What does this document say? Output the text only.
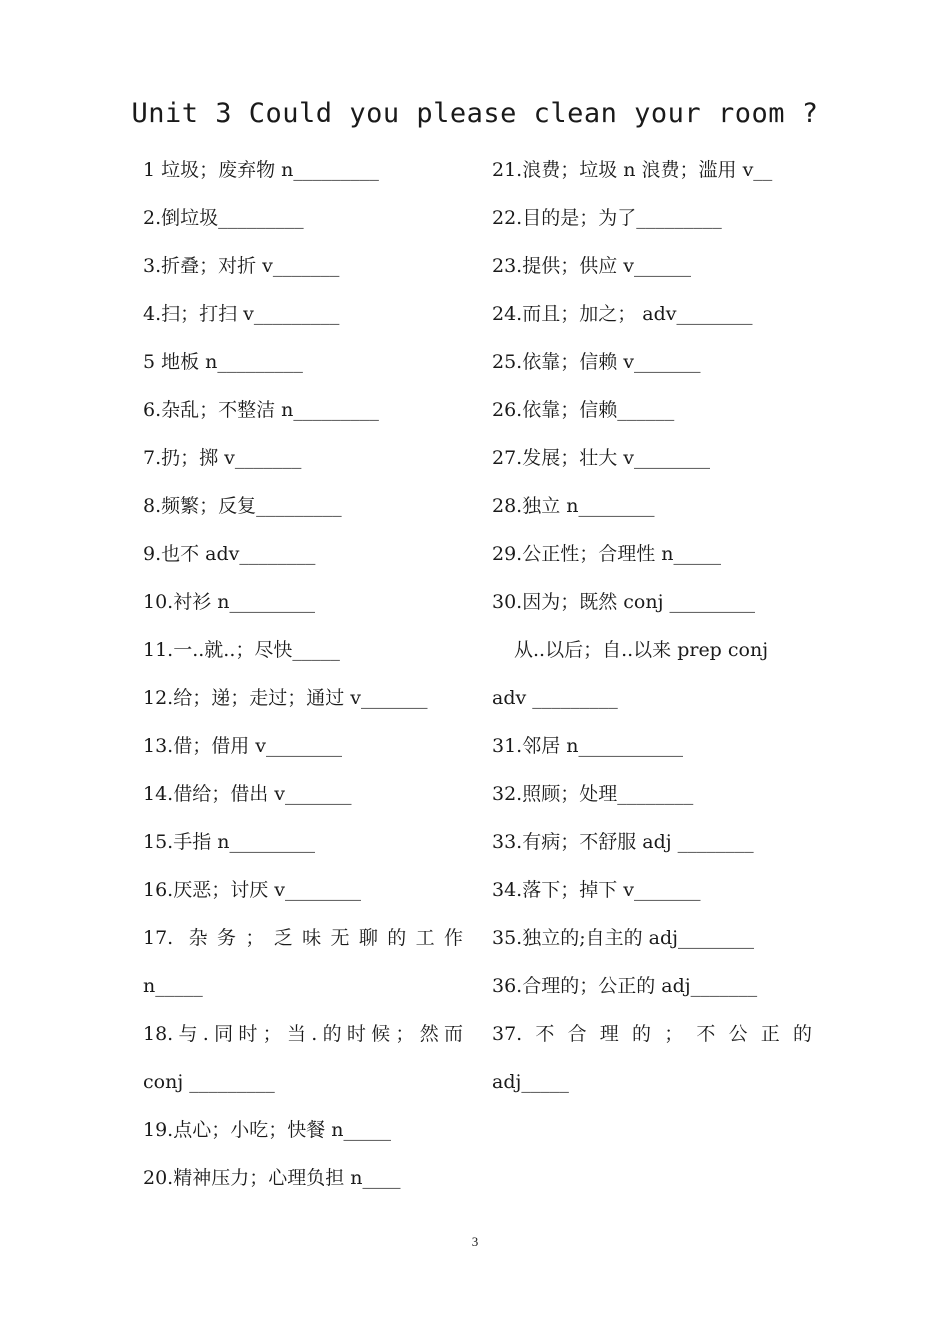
Unit 3 Could you please clean your room ?
1 垃圾；废弃物 n_________
2.倒垃圾_________
3.折叠；对折 v_______
4.扫；打扫 v_________
5 地板 n_________
6.杂乱；不整洁 n_________
7.扔；掷 v_______
8.频繁；反复_________
9.也不 adv________
10.衬衫 n_________
11.一..就..；尽快_____
12.给；递；走过；通过 v_______
13.借；借用 v________
14.借给；借出 v_______
15.手指 n_________
16.厌恶；讨厌 v________
17. 杂务；乏味无聊的工作
n_____
18.与.同时；当.的时候；然而
conj _________
19.点心；小吃；快餐 n_____
20.精神压力；心理负担 n____
21.浪费；垃圾 n 浪费；滥用 v__
22.目的是；为了_________
23.提供；供应 v______
24.而且；加之； adv________
25.依靠；信赖 v_______
26.依靠；信赖______
27.发展；壮大 v________
28.独立 n________
29.公正性；合理性 n_____
30.因为；既然 conj _________
从..以后；自..以来 prep conj
adv _________
31.邻居 n___________
32.照顾；处理________
33.有病；不舒服 adj ________
34.落下；掉下 v_______
35.独立的;自主的 adj________
36.合理的；公正的 adj_______
37.不合理的；不公正的
adj_____
3
